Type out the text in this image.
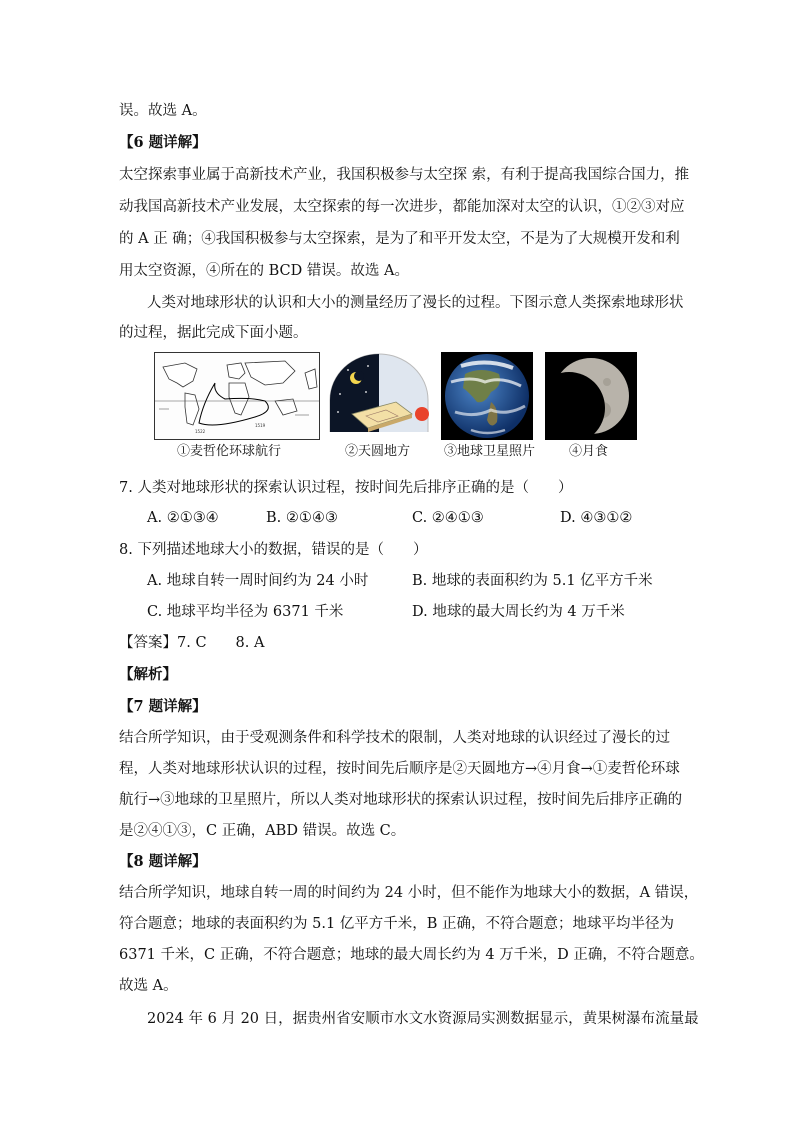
误。故选 A。
【6 题详解】
太空探索事业属于高新技术产业，我国积极参与太空探 索，有利于提高我国综合国力，推
动我国高新技术产业发展，太空探索的每一次进步，都能加深对太空的认识，①②③对应
的 A 正 确；④我国积极参与太空探索，是为了和平开发太空，不是为了大规模开发和利
用太空资源，④所在的 BCD 错误。故选 A。
人类对地球形状的认识和大小的测量经历了漫长的过程。下图示意人类探索地球形状
的过程，据此完成下面小题。
1519
1522
①麦哲伦环球航行	②天圆地方	③地球卫星照片	④月食
7. 人类对地球形状的探索认识过程，按时间先后排序正确的是（　　）
A. ②①③④	B. ②①④③	C. ②④①③	D. ④③①②
8. 下列描述地球大小的数据，错误的是（　　）
A. 地球自转一周时间约为 24 小时	B. 地球的表面积约为 5.1 亿平方千米
C. 地球平均半径为 6371 千米	D. 地球的最大周长约为 4 万千米
【答案】7. C　　8. A
【解析】
【7 题详解】
结合所学知识，由于受观测条件和科学技术的限制，人类对地球的认识经过了漫长的过
程，人类对地球形状认识的过程，按时间先后顺序是②天圆地方→④月食→①麦哲伦环球
航行→③地球的卫星照片，所以人类对地球形状的探索认识过程，按时间先后排序正确的
是②④①③，C 正确，ABD 错误。故选 C。
【8 题详解】
结合所学知识，地球自转一周的时间约为 24 小时，但不能作为地球大小的数据，A 错误，
符合题意；地球的表面积约为 5.1 亿平方千米，B 正确，不符合题意；地球平均半径为
6371 千米，C 正确，不符合题意；地球的最大周长约为 4 万千米，D 正确，不符合题意。
故选 A。
2024 年 6 月 20 日，据贵州省安顺市水文水资源局实测数据显示，黄果树瀑布流量最
